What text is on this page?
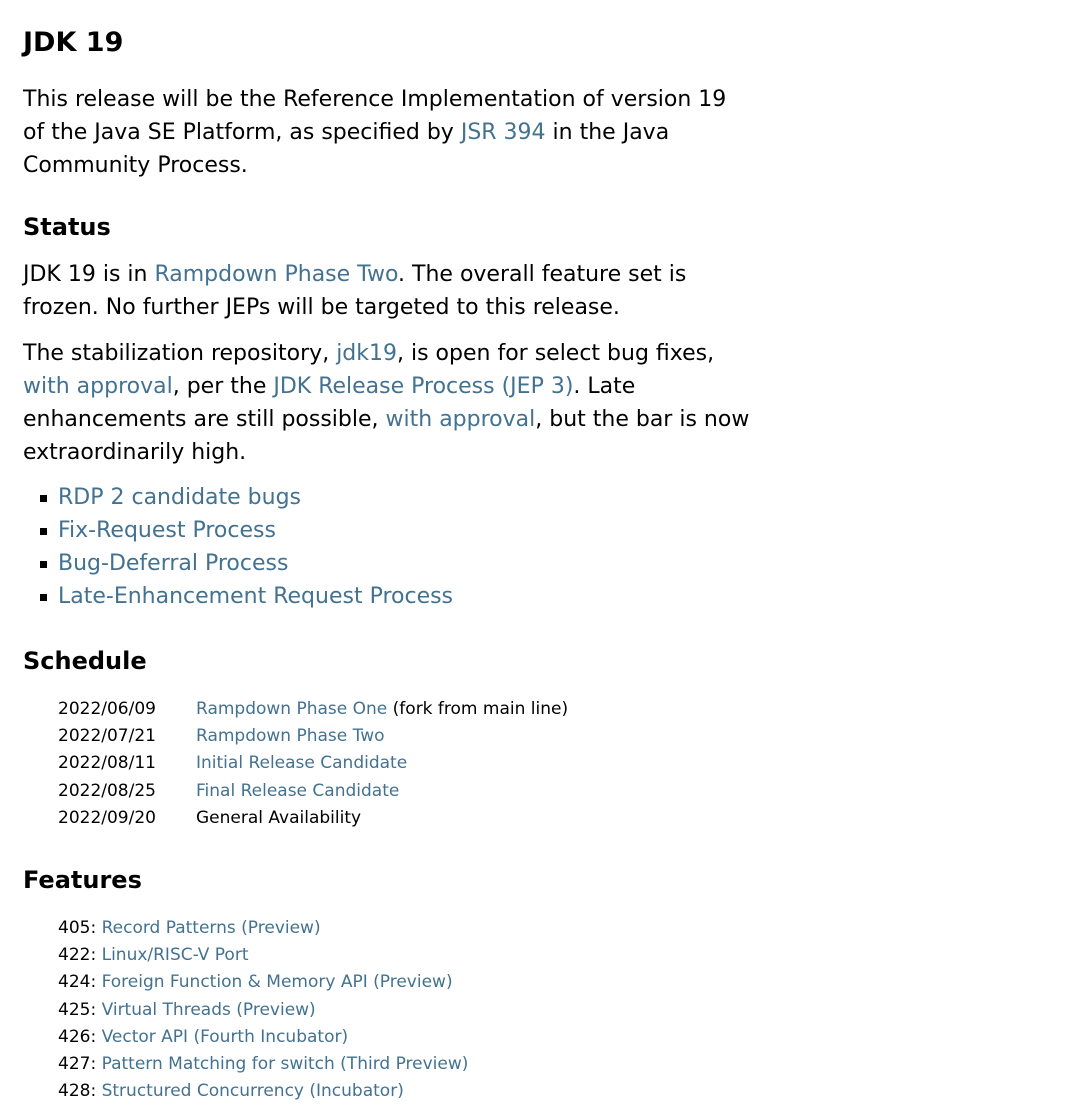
JDK 19

This release will be the Reference Implementation of version 19 of the Java SE Platform, as specified by JSR 394 in the Java Community Process.

Status

JDK 19 is in Rampdown Phase Two. The overall feature set is frozen. No further JEPs will be targeted to this release.

The stabilization repository, jdk19, is open for select bug fixes, with approval, per the JDK Release Process (JEP 3). Late enhancements are still possible, with approval, but the bar is now extraordinarily high.

RDP 2 candidate bugs
Fix-Request Process
Bug-Deferral Process
Late-Enhancement Request Process
Schedule
2022/06/09	Rampdown Phase One (fork from main line)
2022/07/21	Rampdown Phase Two
2022/08/11	Initial Release Candidate
2022/08/25	Final Release Candidate
2022/09/20	General Availability
Features
405: Record Patterns (Preview)
422: Linux/RISC-V Port
424: Foreign Function & Memory API (Preview)
425: Virtual Threads (Preview)
426: Vector API (Fourth Incubator)
427: Pattern Matching for switch (Third Preview)
428: Structured Concurrency (Incubator)
